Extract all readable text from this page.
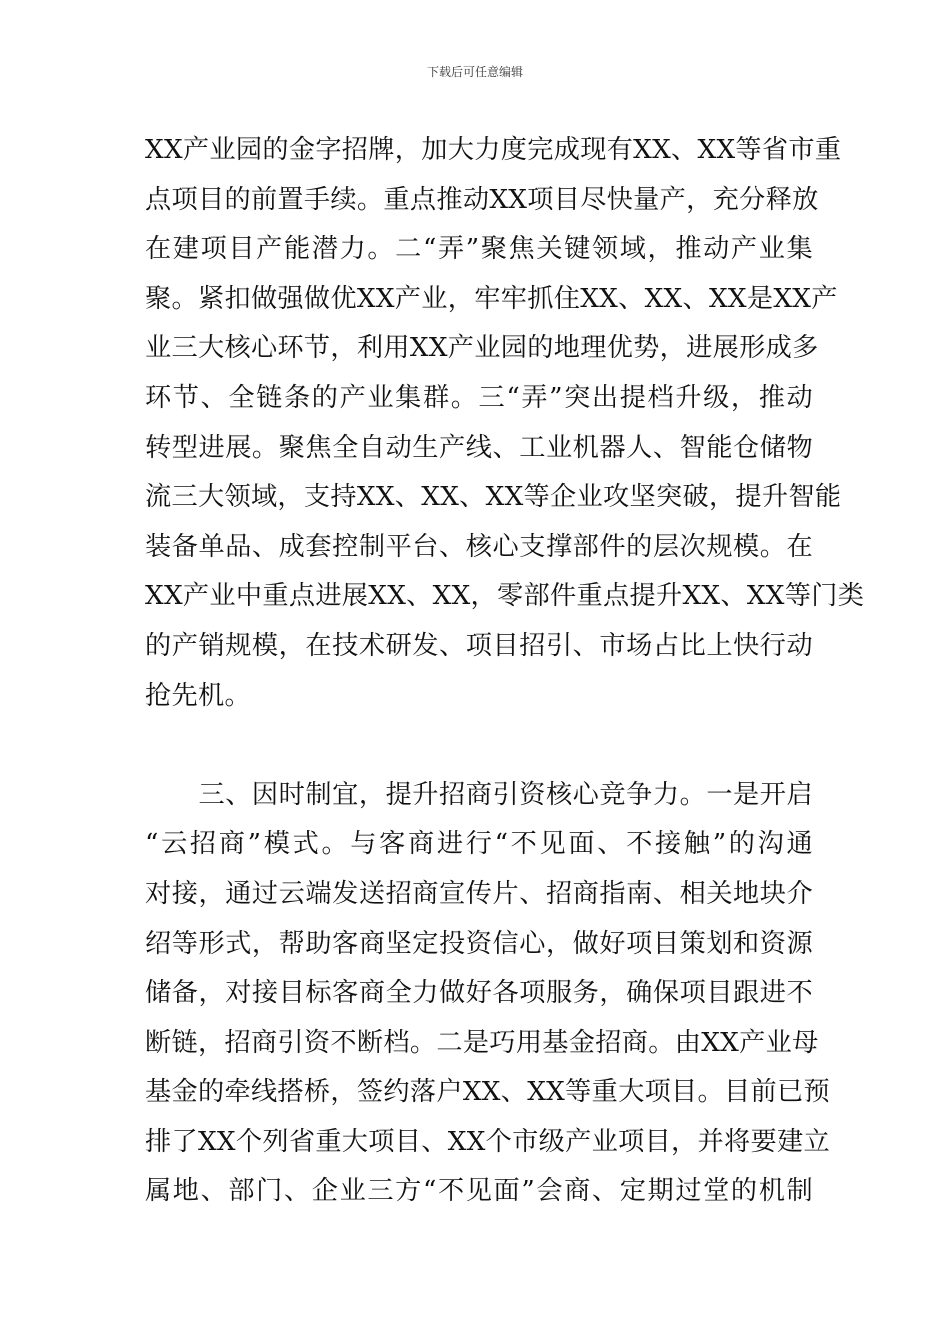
下载后可任意编辑
XX产业园的金字招牌，加大力度完成现有XX、XX等省市重
点项目的前置手续。重点推动XX项目尽快量产，充分释放
在建项目产能潜力。二“弄”聚焦关键领域，推动产业集
聚。紧扣做强做优XX产业，牢牢抓住XX、XX、XX是XX产
业三大核心环节，利用XX产业园的地理优势，进展形成多
环节、全链条的产业集群。三“弄”突出提档升级，推动
转型进展。聚焦全自动生产线、工业机器人、智能仓储物
流三大领域，支持XX、XX、XX等企业攻坚突破，提升智能
装备单品、成套控制平台、核心支撑部件的层次规模。在
XX产业中重点进展XX、XX，零部件重点提升XX、XX等门类
的产销规模，在技术研发、项目招引、市场占比上快行动
抢先机。
　　三、因时制宜，提升招商引资核心竞争力。一是开启
“云招商”模式。与客商进行“不见面、不接触”的沟通
对接，通过云端发送招商宣传片、招商指南、相关地块介
绍等形式，帮助客商坚定投资信心，做好项目策划和资源
储备，对接目标客商全力做好各项服务，确保项目跟进不
断链，招商引资不断档。二是巧用基金招商。由XX产业母
基金的牵线搭桥，签约落户XX、XX等重大项目。目前已预
排了XX个列省重大项目、XX个市级产业项目，并将要建立
属地、部门、企业三方“不见面”会商、定期过堂的机制
